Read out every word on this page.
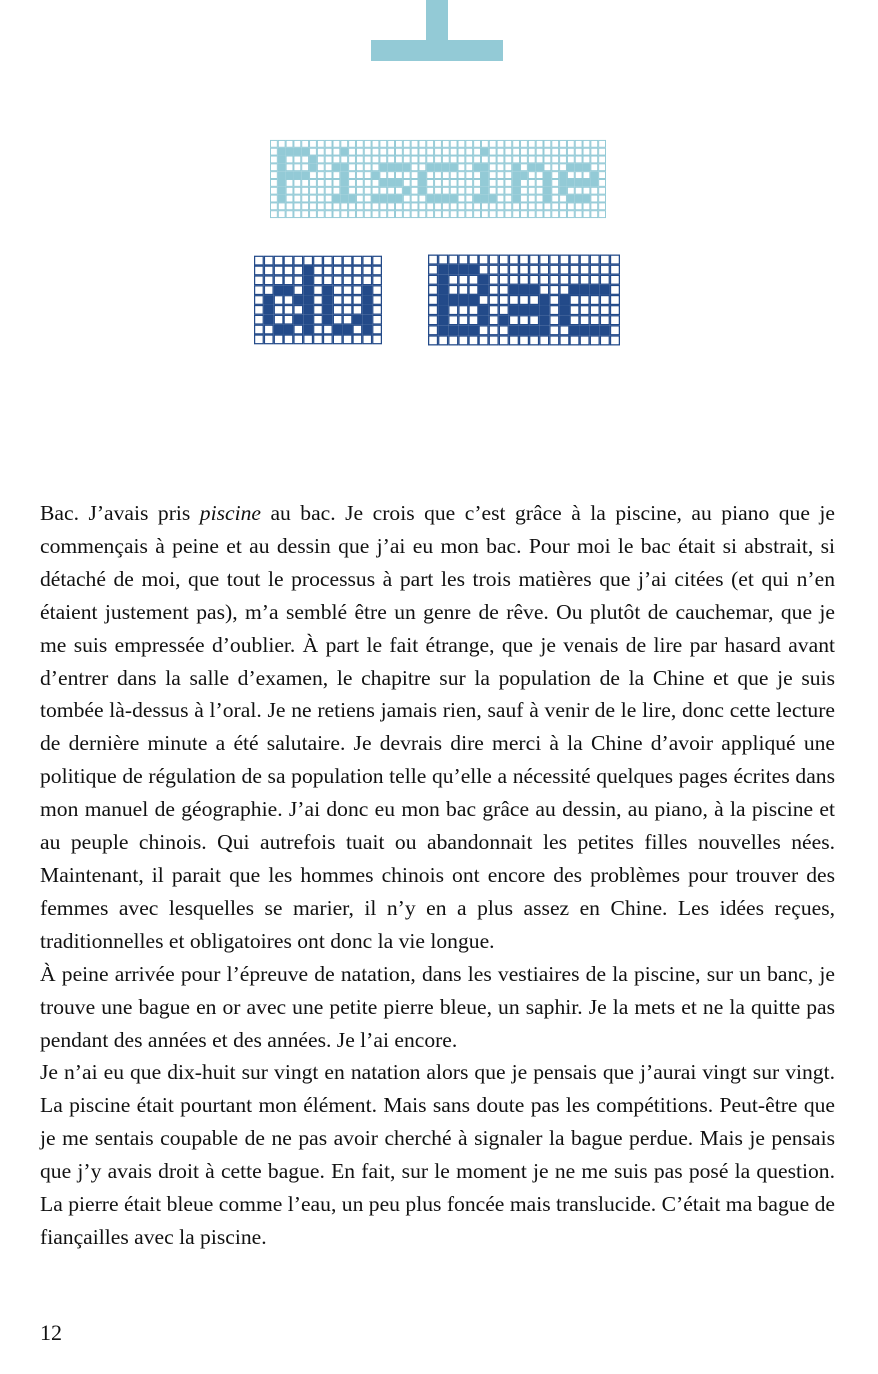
Bac. J’avais pris piscine au bac. Je crois que c’est grâce à la piscine, au piano que je commençais à peine et au dessin que j’ai eu mon bac. Pour moi le bac était si abstrait, si détaché de moi, que tout le processus à part les trois matières que j’ai citées (et qui n’en étaient justement pas), m’a semblé être un genre de rêve. Ou plutôt de cauchemar, que je me suis empressée d’oublier. À part le fait étrange, que je venais de lire par hasard avant d’entrer dans la salle d’examen, le chapitre sur la population de la Chine et que je suis tombée là-dessus à l’oral. Je ne retiens jamais rien, sauf à venir de le lire, donc cette lecture de dernière minute a été salutaire. Je devrais dire merci à la Chine d’avoir appliqué une politique de régulation de sa population telle qu’elle a nécessité quelques pages écrites dans mon manuel de géographie. J’ai donc eu mon bac grâce au dessin, au piano, à la piscine et au peuple chinois. Qui autrefois tuait ou abandonnait les petites filles nouvelles nées. Maintenant, il parait que les hommes chinois ont encore des problèmes pour trouver des femmes avec lesquelles se marier, il n’y en a plus assez en Chine. Les idées reçues, traditionnelles et obligatoires ont donc la vie longue.

À peine arrivée pour l’épreuve de natation, dans les vestiaires de la piscine, sur un banc, je trouve une bague en or avec une petite pierre bleue, un saphir. Je la mets et ne la quitte pas pendant des années et des années. Je l’ai encore.

Je n’ai eu que dix-huit sur vingt en natation alors que je pensais que j’aurai vingt sur vingt. La piscine était pourtant mon élément. Mais sans doute pas les compétitions. Peut-être que je me sentais coupable de ne pas avoir cherché à signaler la bague perdue. Mais je pensais que j’y avais droit à cette bague. En fait, sur le moment je ne me suis pas posé la question. La pierre était bleue comme l’eau, un peu plus foncée mais translucide. C’était ma bague de fiançailles avec la piscine.

12
